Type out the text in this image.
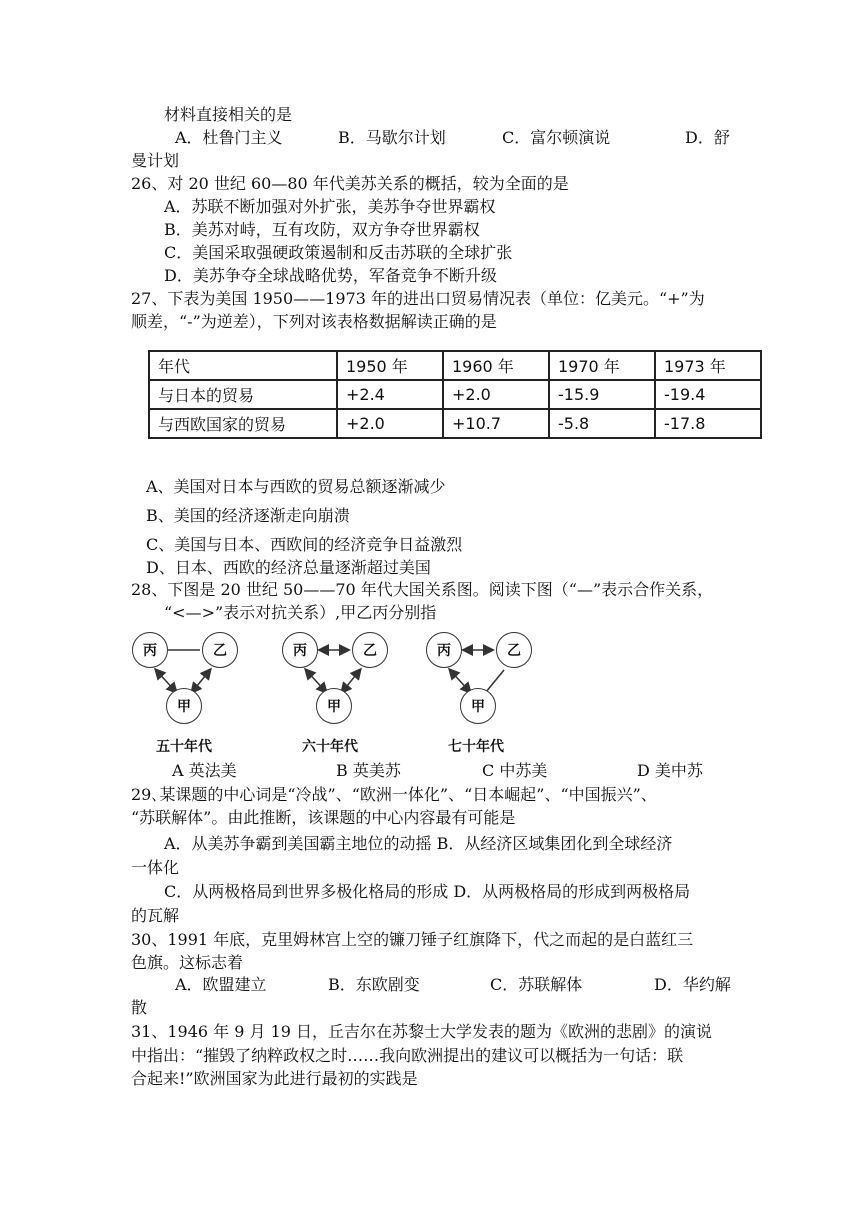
材料直接相关的是
A．杜鲁门主义	B．马歇尔计划	C．富尔顿演说	D．舒
曼计划
26、对 20 世纪 60—80 年代美苏关系的概括，较为全面的是
A．苏联不断加强对外扩张，美苏争夺世界霸权
B．美苏对峙，互有攻防，双方争夺世界霸权
C．美国采取强硬政策遏制和反击苏联的全球扩张
D．美苏争夺全球战略优势，军备竞争不断升级
27、下表为美国 1950——1973 年的进出口贸易情况表（单位：亿美元。“+”为
顺差，“-”为逆差），下列对该表格数据解读正确的是
年代	1950 年	1960 年	1970 年	1973 年
与日本的贸易	+2.4	+2.0	-15.9	-19.4
与西欧国家的贸易	+2.0	+10.7	-5.8	-17.8
A、美国对日本与西欧的贸易总额逐渐减少
B、美国的经济逐渐走向崩溃
C、美国与日本、西欧间的经济竞争日益激烈
D、日本、西欧的经济总量逐渐超过美国
28、下图是 20 世纪 50——70 年代大国关系图。阅读下图（“—”表示合作关系，
“<—>”表示对抗关系）,甲乙丙分别指
丙	乙
甲
五十年代
丙	乙
甲
六十年代
丙	乙
甲
七十年代
A 英法美	B 英美苏	C 中苏美	D 美中苏
29､某课题的中心词是“冷战”、“欧洲一体化”、“日本崛起”、“中国振兴”、
“苏联解体”。由此推断，该课题的中心内容最有可能是
A．从美苏争霸到美国霸主地位的动摇 B．从经济区域集团化到全球经济
一体化
C．从两极格局到世界多极化格局的形成 D．从两极格局的形成到两极格局
的瓦解
30、1991 年底，克里姆林宫上空的镰刀锤子红旗降下，代之而起的是白蓝红三
色旗。这标志着
A．欧盟建立	B．东欧剧变	C．苏联解体	D．华约解
散
31、1946 年 9 月 19 日，丘吉尔在苏黎士大学发表的题为《欧洲的悲剧》的演说
中指出：“摧毁了纳粹政权之时……我向欧洲提出的建议可以概括为一句话：联
合起来!”欧洲国家为此进行最初的实践是
